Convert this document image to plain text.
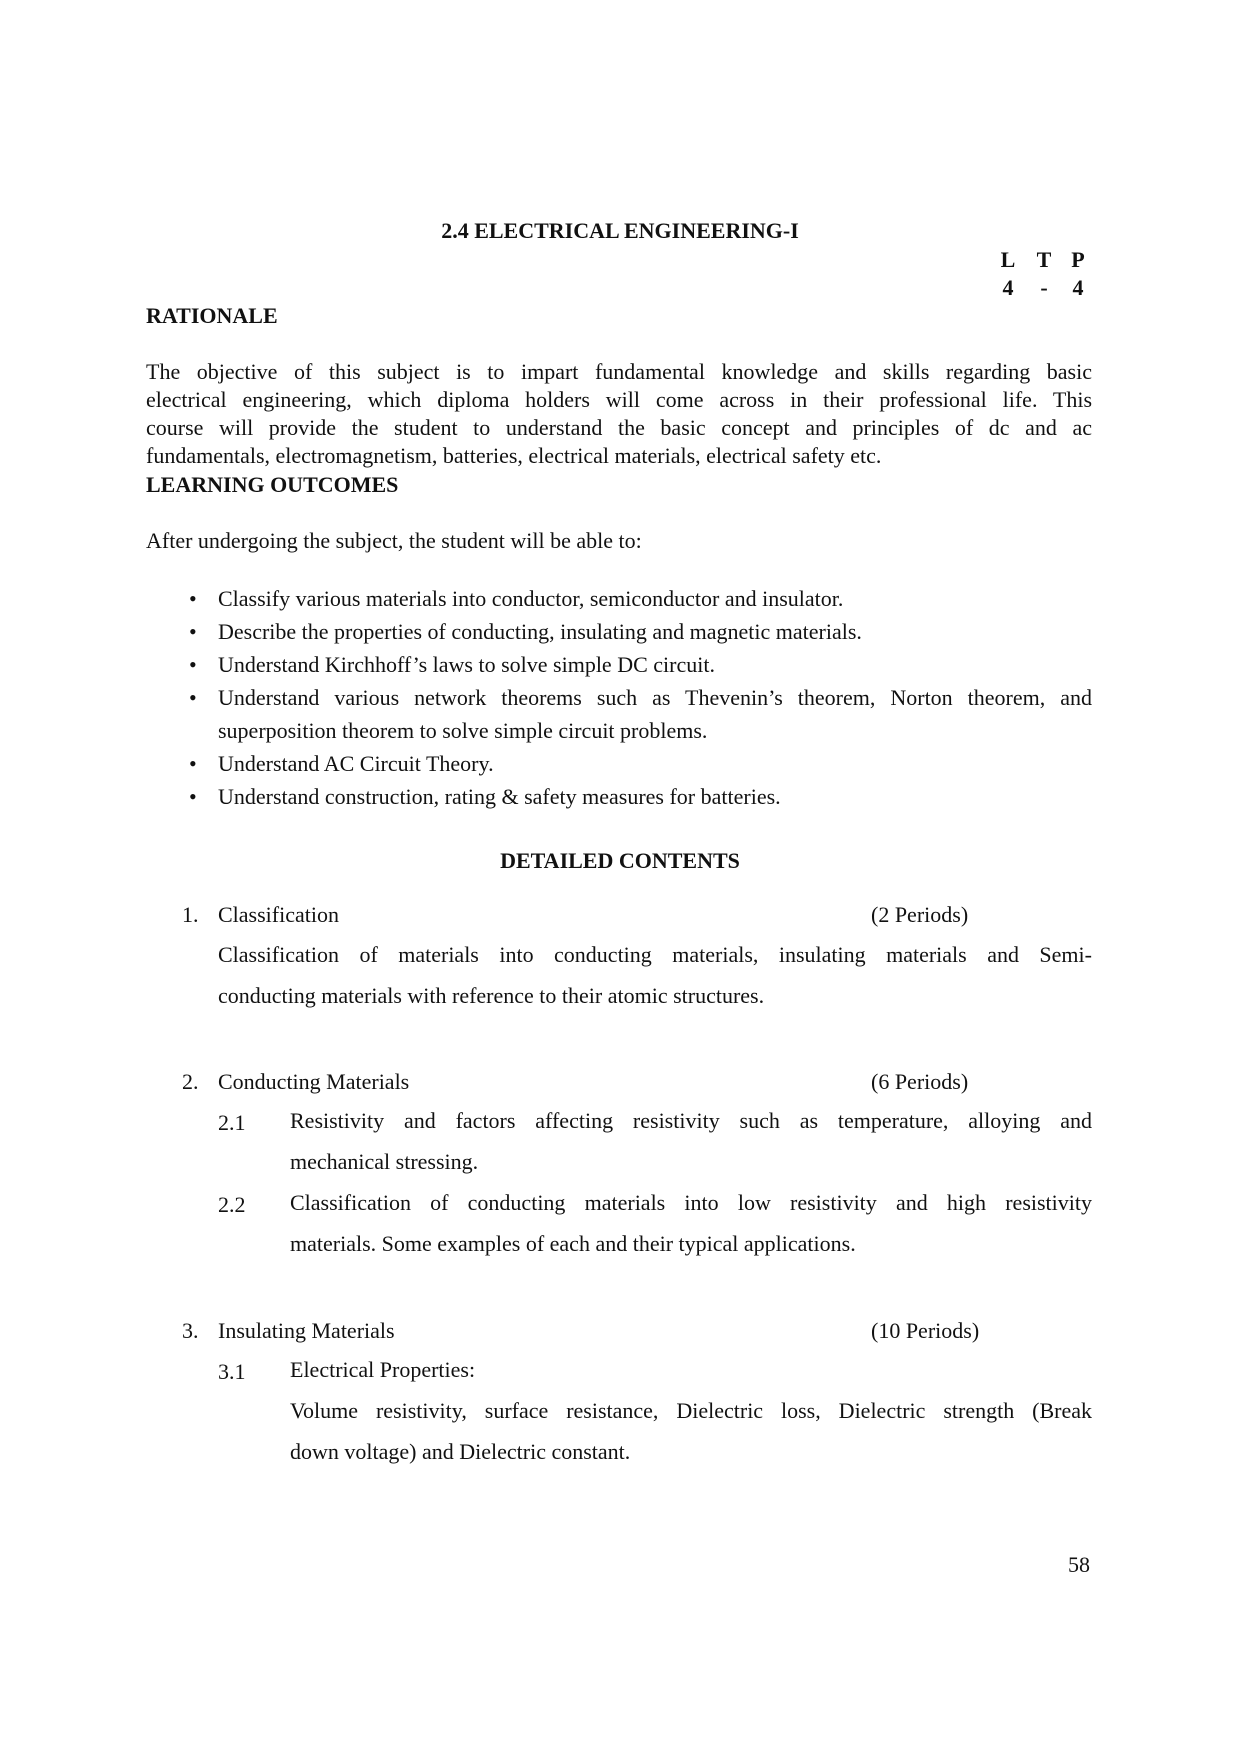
2.4 ELECTRICAL ENGINEERING-I
L T P
4	-	4
RATIONALE
The objective of this subject is to impart fundamental knowledge and skills regarding basic
electrical engineering, which diploma holders will come across in their professional life. This
course will provide the student to understand the basic concept and principles of dc and ac
fundamentals, electromagnetism, batteries, electrical materials, electrical safety etc.
LEARNING OUTCOMES
After undergoing the subject, the student will be able to:
• Classify various materials into conductor, semiconductor and insulator.
• Describe the properties of conducting, insulating and magnetic materials.
• Understand Kirchhoff’s laws to solve simple DC circuit.
• Understand various network theorems such as Thevenin’s theorem, Norton theorem, and
superposition theorem to solve simple circuit problems.
• Understand AC Circuit Theory.
• Understand construction, rating & safety measures for batteries.
DETAILED CONTENTS
1. Classification	(2 Periods)
Classification of materials into conducting materials, insulating materials and Semi-
conducting materials with reference to their atomic structures.
2. Conducting Materials	(6 Periods)
2.1 Resistivity and factors affecting resistivity such as temperature, alloying and
mechanical stressing.
2.2 Classification of conducting materials into low resistivity and high resistivity
materials. Some examples of each and their typical applications.
3. Insulating Materials	(10 Periods)
3.1 Electrical Properties:
Volume resistivity, surface resistance, Dielectric loss, Dielectric strength (Break
down voltage) and Dielectric constant.
58
